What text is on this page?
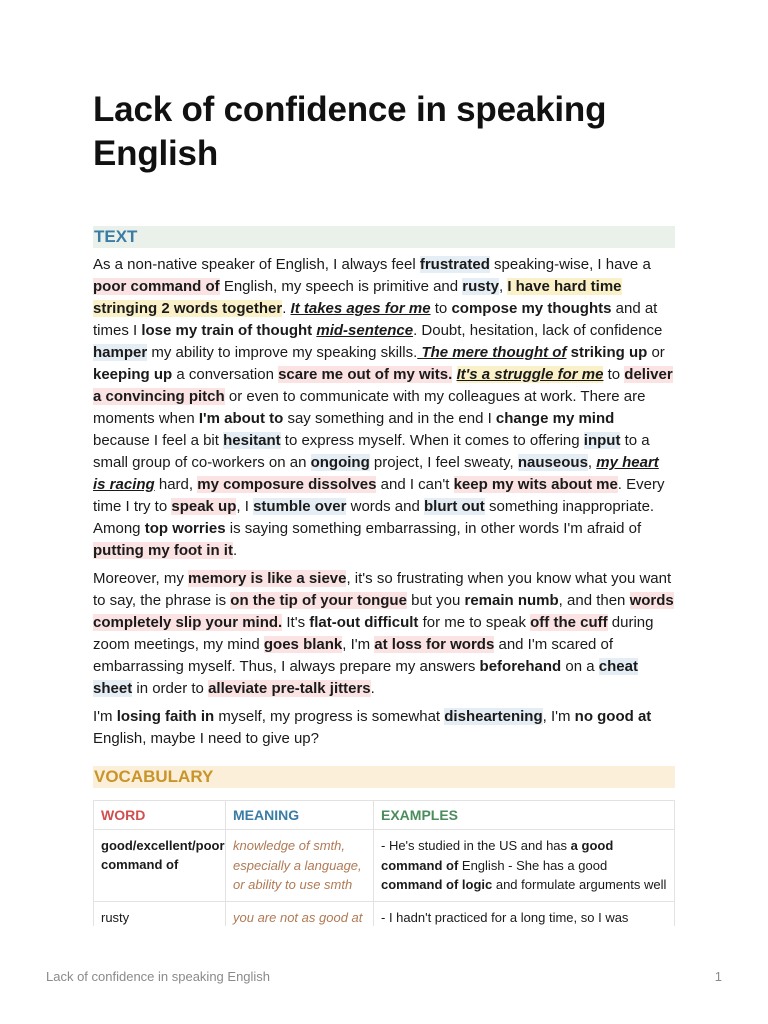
Lack of confidence in speaking English
TEXT

As a non-native speaker of English, I always feel frustrated speaking-wise, I have a poor command of English, my speech is primitive and rusty, I have hard time stringing 2 words together. It takes ages for me to compose my thoughts and at times I lose my train of thought mid-sentence. Doubt, hesitation, lack of confidence hamper my ability to improve my speaking skills. The mere thought of striking up or keeping up a conversation scare me out of my wits. It's a struggle for me to deliver a convincing pitch or even to communicate with my colleagues at work. There are moments when I'm about to say something and in the end I change my mind because I feel a bit hesitant to express myself. When it comes to offering input to a small group of co-workers on an ongoing project, I feel sweaty, nauseous, my heart is racing hard, my composure dissolves and I can't keep my wits about me. Every time I try to speak up, I stumble over words and blurt out something inappropriate. Among top worries is saying something embarrassing, in other words I'm afraid of putting my foot in it.

Moreover, my memory is like a sieve, it's so frustrating when you know what you want to say, the phrase is on the tip of your tongue but you remain numb, and then words completely slip your mind. It's flat-out difficult for me to speak off the cuff during zoom meetings, my mind goes blank, I'm at loss for words and I'm scared of embarrassing myself. Thus, I always prepare my answers beforehand on a cheat sheet in order to alleviate pre-talk jitters.

I'm losing faith in myself, my progress is somewhat disheartening, I'm no good at English, maybe I need to give up?

VOCABULARY
WORD	MEANING	EXAMPLES
good/excellent/poor command of	knowledge of smth, especially a language, or ability to use smth	- He's studied in the US and has a good command of English - She has a good command of logic and formulate arguments well
rusty	you are not as good at	- I hadn't practiced for a long time, so I was
Lack of confidence in speaking English	1
